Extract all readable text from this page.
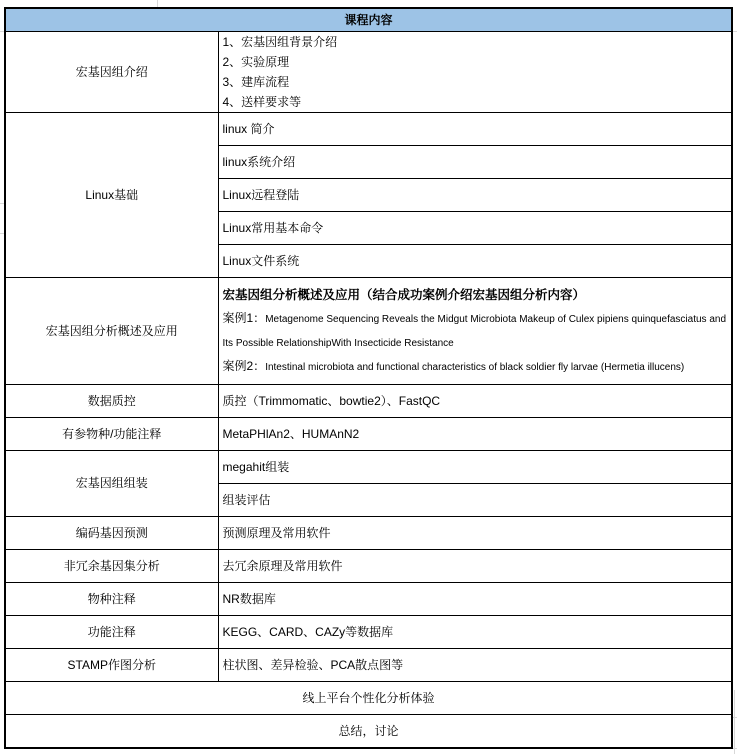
课程内容	
宏基因组介绍	1、宏基因组背景介绍
2、实验原理
3、建库流程
4、送样要求等

Linux基础	linux 简介
	linux系统介绍
	Linux远程登陆
	Linux常用基本命令
	Linux文件系统
宏基因组分析概述及应用	宏基因组分析概述及应用（结合成功案例介绍宏基因组分析内容）
案例1：Metagenome Sequencing Reveals the Midgut Microbiota Makeup of Culex pipiens quinquefasciatus and Its Possible RelationshipWith Insecticide Resistance
案例2：Intestinal microbiota and functional characteristics of black soldier fly larvae (Hermetia illucens)

数据质控	质控（Trimmomatic、bowtie2）、FastQC
有参物种/功能注释	MetaPHlAn2、HUMAnN2
宏基因组组装	megahit组装
	组装评估
编码基因预测	预测原理及常用软件
非冗余基因集分析	去冗余原理及常用软件
物种注释	NR数据库
功能注释	KEGG、CARD、CAZy等数据库
STAMP作图分析	柱状图、差异检验、PCA散点图等
线上平台个性化分析体验	
总结，讨论	
